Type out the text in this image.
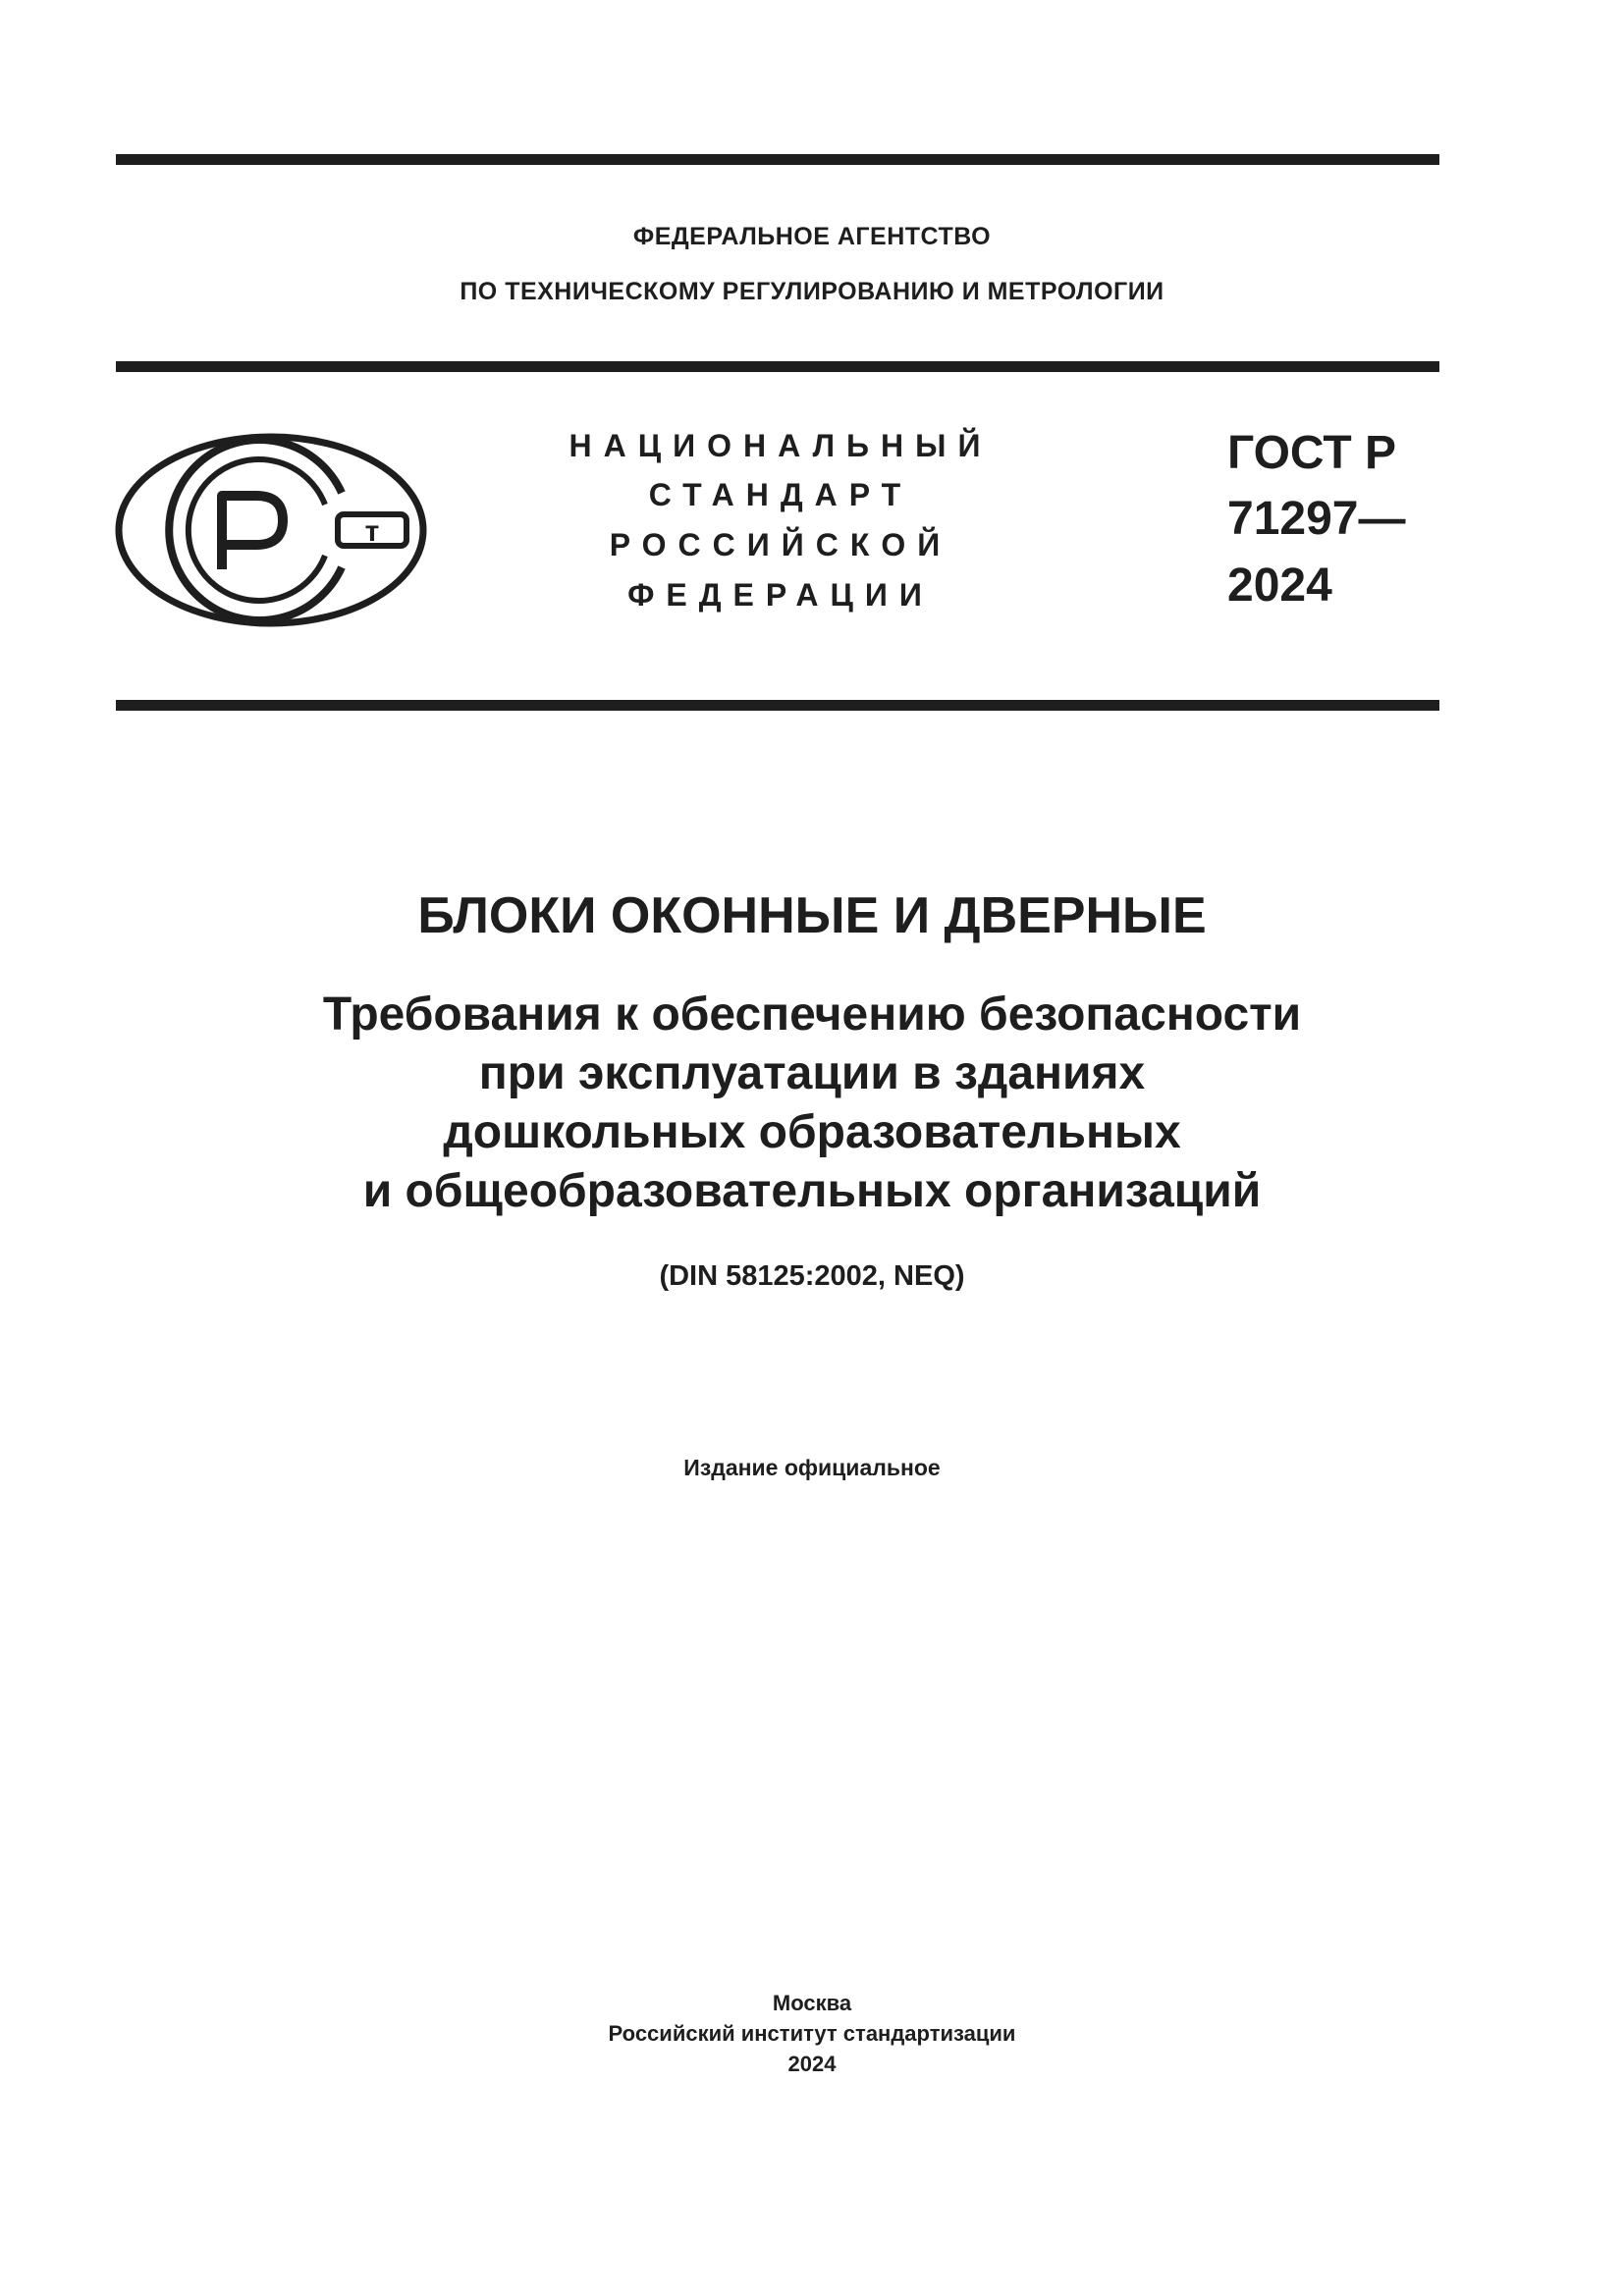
ФЕДЕРАЛЬНОЕ АГЕНТСТВО
ПО ТЕХНИЧЕСКОМУ РЕГУЛИРОВАНИЮ И МЕТРОЛОГИИ
т
НАЦИОНАЛЬНЫЙ
СТАНДАРТ
РОССИЙСКОЙ
ФЕДЕРАЦИИ
ГОСТ Р
71297—
2024
БЛОКИ ОКОННЫЕ И ДВЕРНЫЕ
Требования к обеспечению безопасности
при эксплуатации в зданиях
дошкольных образовательных
и общеобразовательных организаций
(DIN 58125:2002, NEQ)
Издание официальное
Москва
Российский институт стандартизации
2024
